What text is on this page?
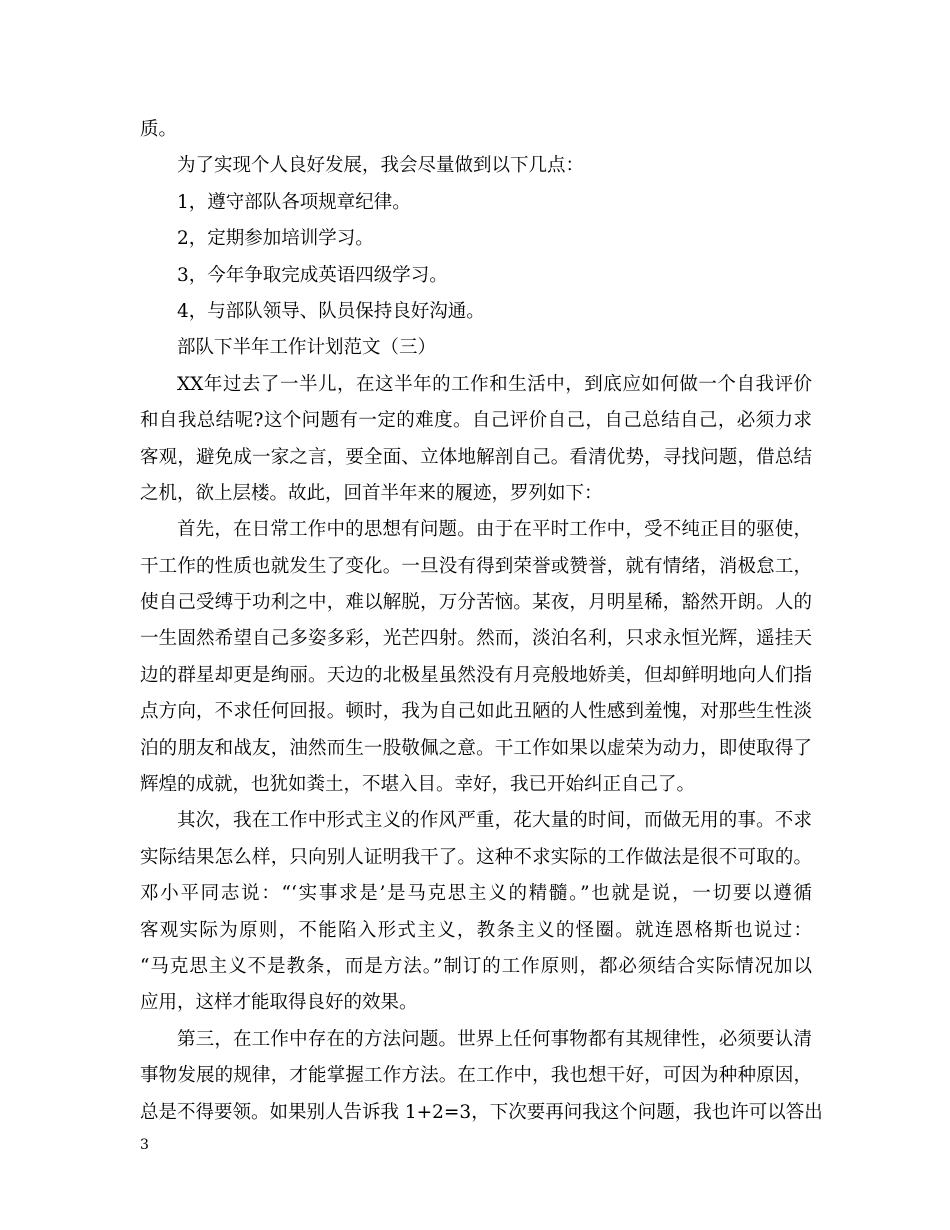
质。
为了实现个人良好发展，我会尽量做到以下几点：
1，遵守部队各项规章纪律。
2，定期参加培训学习。
3，今年争取完成英语四级学习。
4，与部队领导、队员保持良好沟通。
部队下半年工作计划范文（三）
XX年过去了一半儿，在这半年的工作和生活中，到底应如何做一个自我评价
和自我总结呢?这个问题有一定的难度。自己评价自己，自己总结自己，必须力求
客观，避免成一家之言，要全面、立体地解剖自己。看清优势，寻找问题，借总结
之机，欲上层楼。故此，回首半年来的履迹，罗列如下：
首先，在日常工作中的思想有问题。由于在平时工作中，受不纯正目的驱使，
干工作的性质也就发生了变化。一旦没有得到荣誉或赞誉，就有情绪，消极怠工，
使自己受缚于功利之中，难以解脱，万分苦恼。某夜，月明星稀，豁然开朗。人的
一生固然希望自己多姿多彩，光芒四射。然而，淡泊名利，只求永恒光辉，遥挂天
边的群星却更是绚丽。天边的北极星虽然没有月亮般地娇美，但却鲜明地向人们指
点方向，不求任何回报。顿时，我为自己如此丑陋的人性感到羞愧，对那些生性淡
泊的朋友和战友，油然而生一股敬佩之意。干工作如果以虚荣为动力，即使取得了
辉煌的成就，也犹如粪土，不堪入目。幸好，我已开始纠正自己了。
其次，我在工作中形式主义的作风严重，花大量的时间，而做无用的事。不求
实际结果怎么样，只向别人证明我干了。这种不求实际的工作做法是很不可取的。
邓小平同志说：“‘实事求是’是马克思主义的精髓。”也就是说，一切要以遵循
客观实际为原则，不能陷入形式主义，教条主义的怪圈。就连恩格斯也说过：
“马克思主义不是教条，而是方法。”制订的工作原则，都必须结合实际情况加以
应用，这样才能取得良好的效果。
第三，在工作中存在的方法问题。世界上任何事物都有其规律性，必须要认清
事物发展的规律，才能掌握工作方法。在工作中，我也想干好，可因为种种原因，
总是不得要领。如果别人告诉我 1+2=3，下次要再问我这个问题，我也许可以答出
3
